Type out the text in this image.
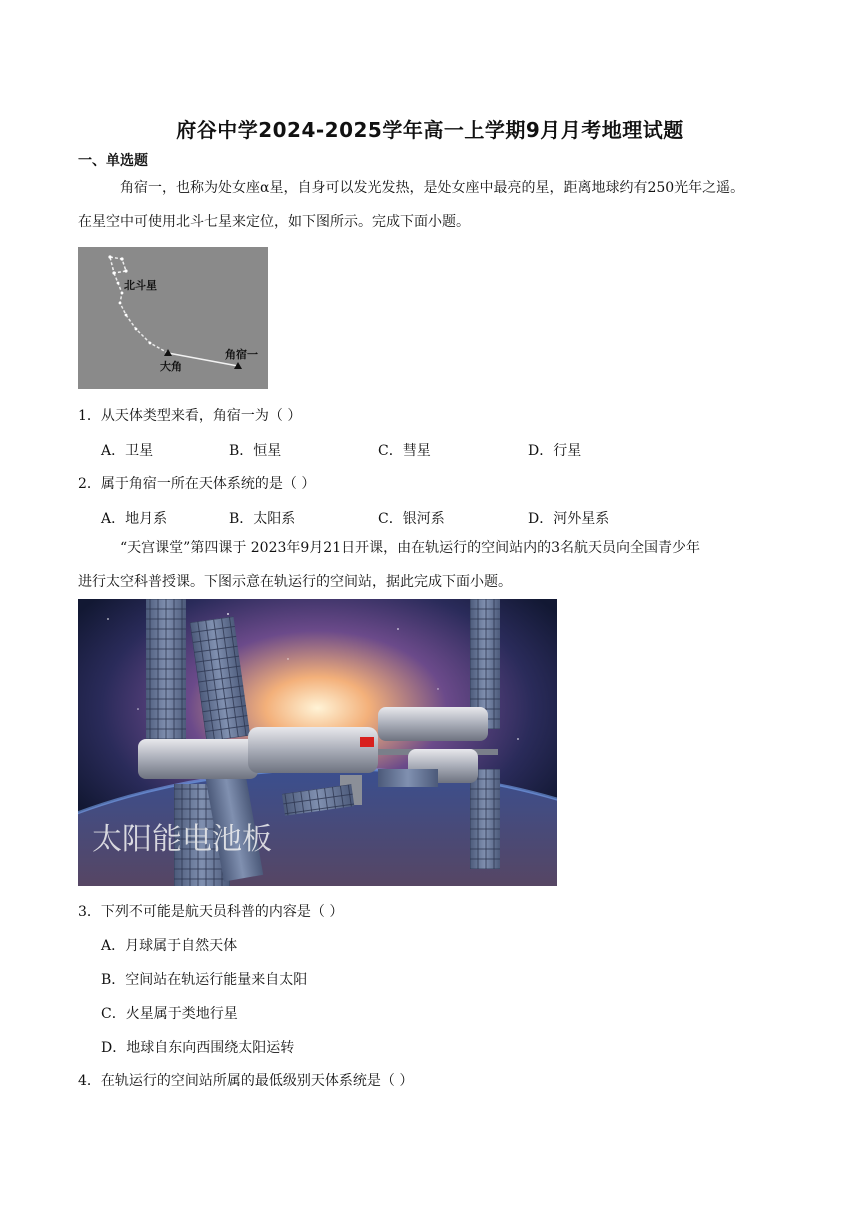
府谷中学2024-2025学年高一上学期9月月考地理试题
一、单选题
角宿一，也称为处女座α星，自身可以发光发热，是处女座中最亮的星，距离地球约有250光年之遥。
在星空中可使用北斗七星来定位，如下图所示。完成下面小题。
北斗星
大角
角宿一
1．从天体类型来看，角宿一为（ ）
A．卫星	B．恒星	C．彗星	D．行星
2．属于角宿一所在天体系统的是（ ）
A．地月系	B．太阳系	C．银河系	D．河外星系
“天宫课堂”第四课于 2023年9月21日开课，由在轨运行的空间站内的3名航天员向全国青少年
进行太空科普授课。下图示意在轨运行的空间站，据此完成下面小题。
太阳能电池板
3．下列不可能是航天员科普的内容是（ ）
A．月球属于自然天体
B．空间站在轨运行能量来自太阳
C．火星属于类地行星
D．地球自东向西围绕太阳运转
4．在轨运行的空间站所属的最低级别天体系统是（ ）
